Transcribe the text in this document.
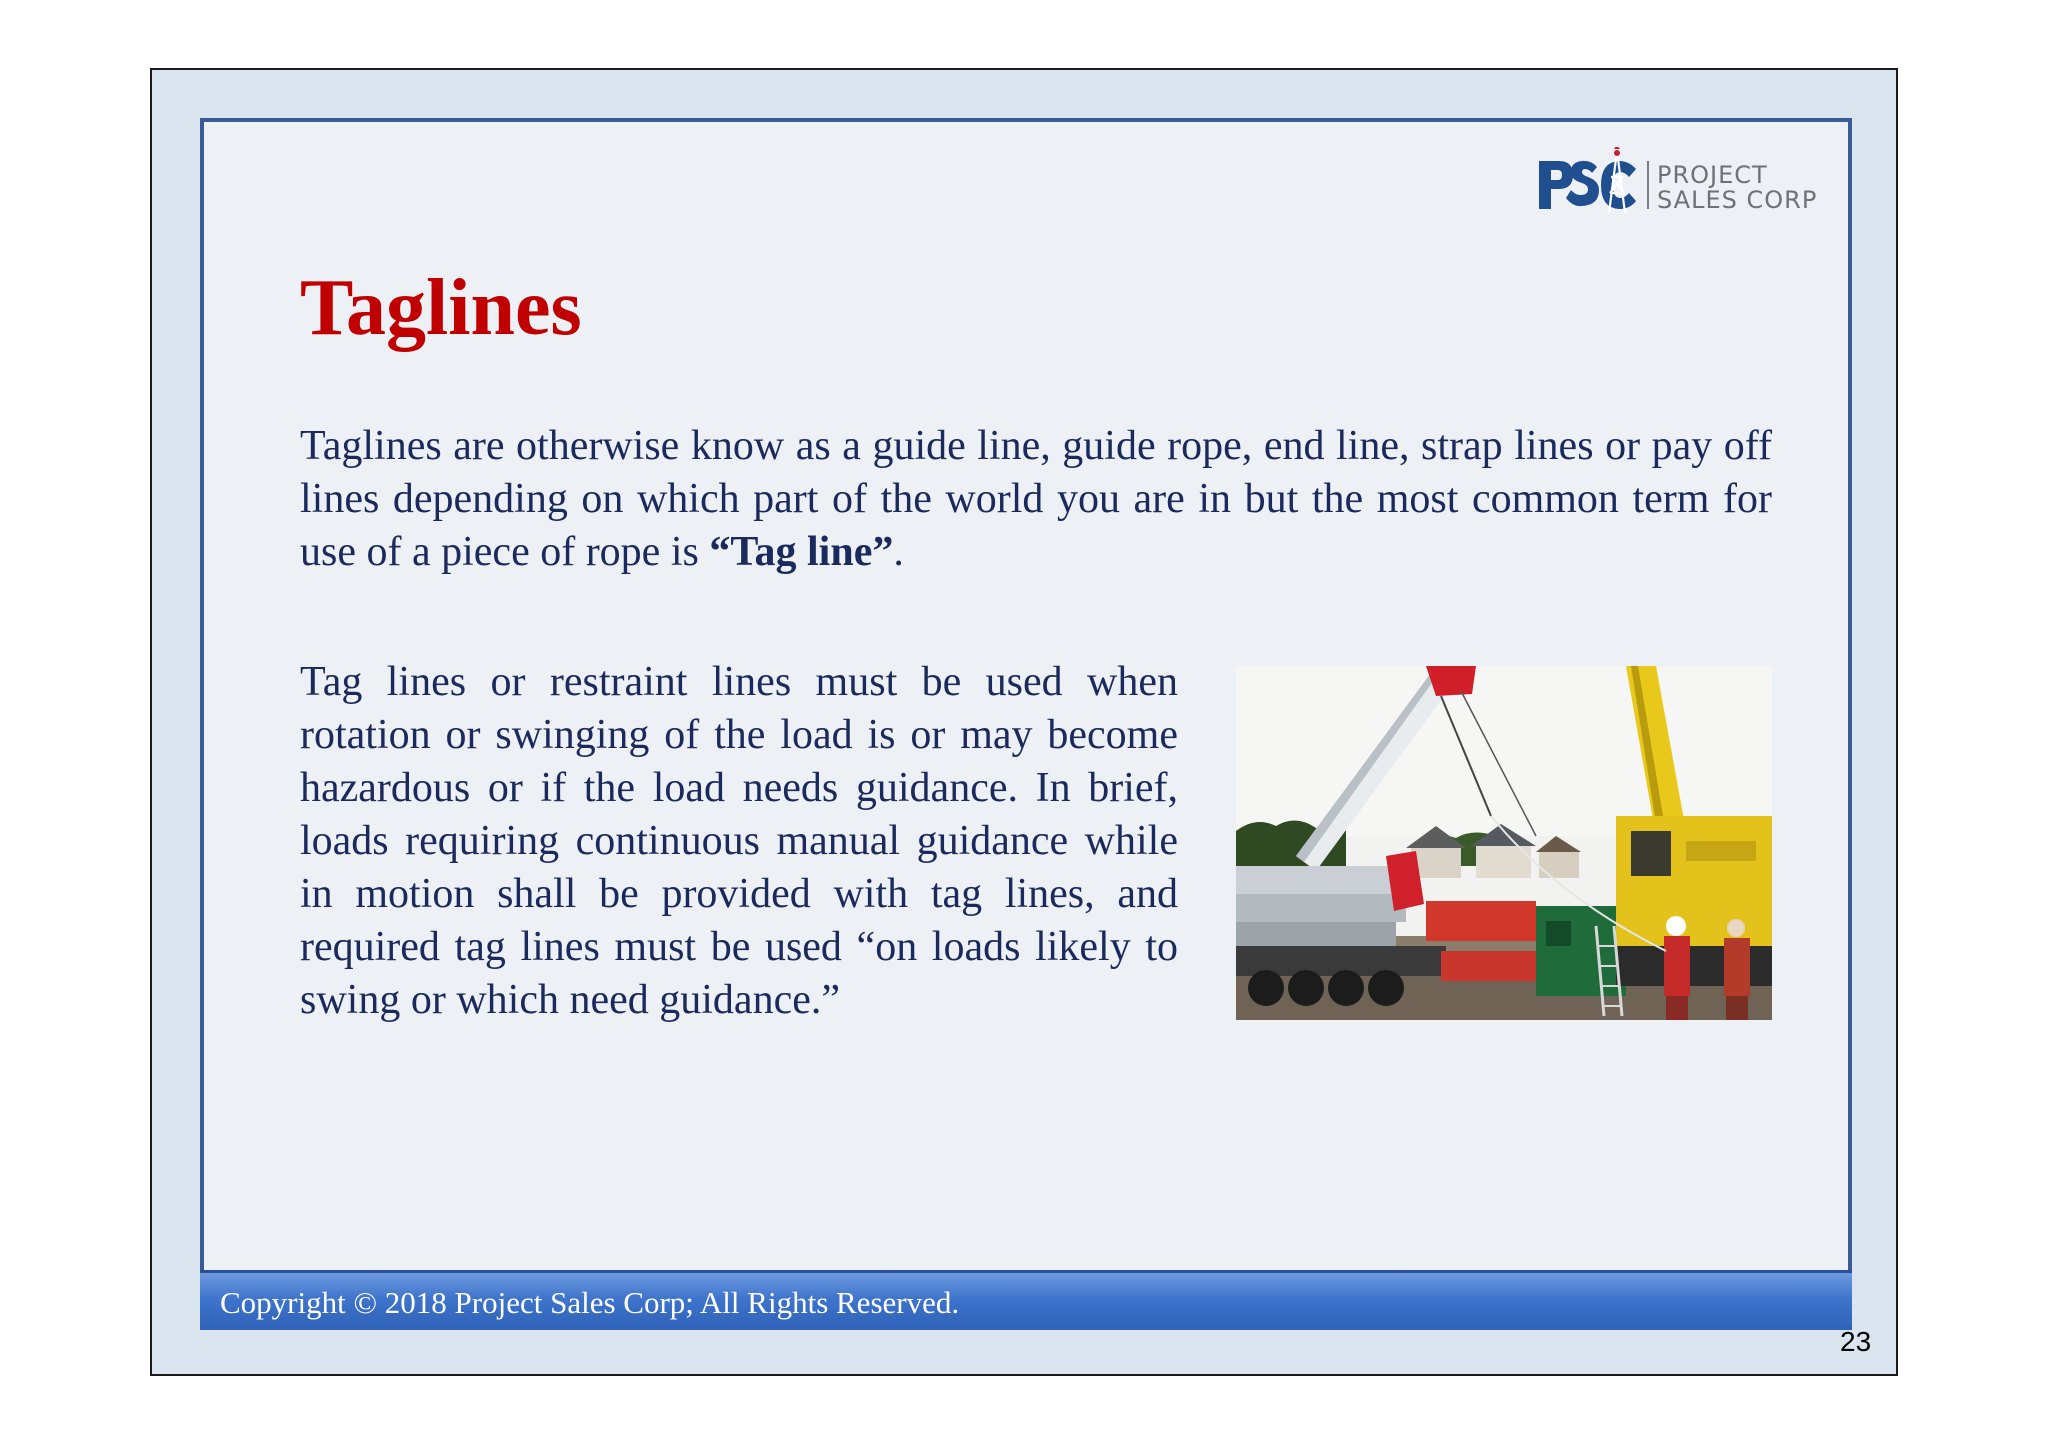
PROJECT
SALES CORP
Taglines

Taglines are otherwise know as a guide line, guide rope, end line, strap lines or pay off lines depending on which part of the world you are in but the most common term for use of a piece of rope is “Tag line”.

Tag lines or restraint lines must be used when rotation or swinging of the load is or may become hazardous or if the load needs guidance. In brief, loads requiring continuous manual guidance while in motion shall be provided with tag lines, and required tag lines must be used “on loads likely to swing or which need guidance.”

Copyright © 2018 Project Sales Corp; All Rights Reserved.
23
